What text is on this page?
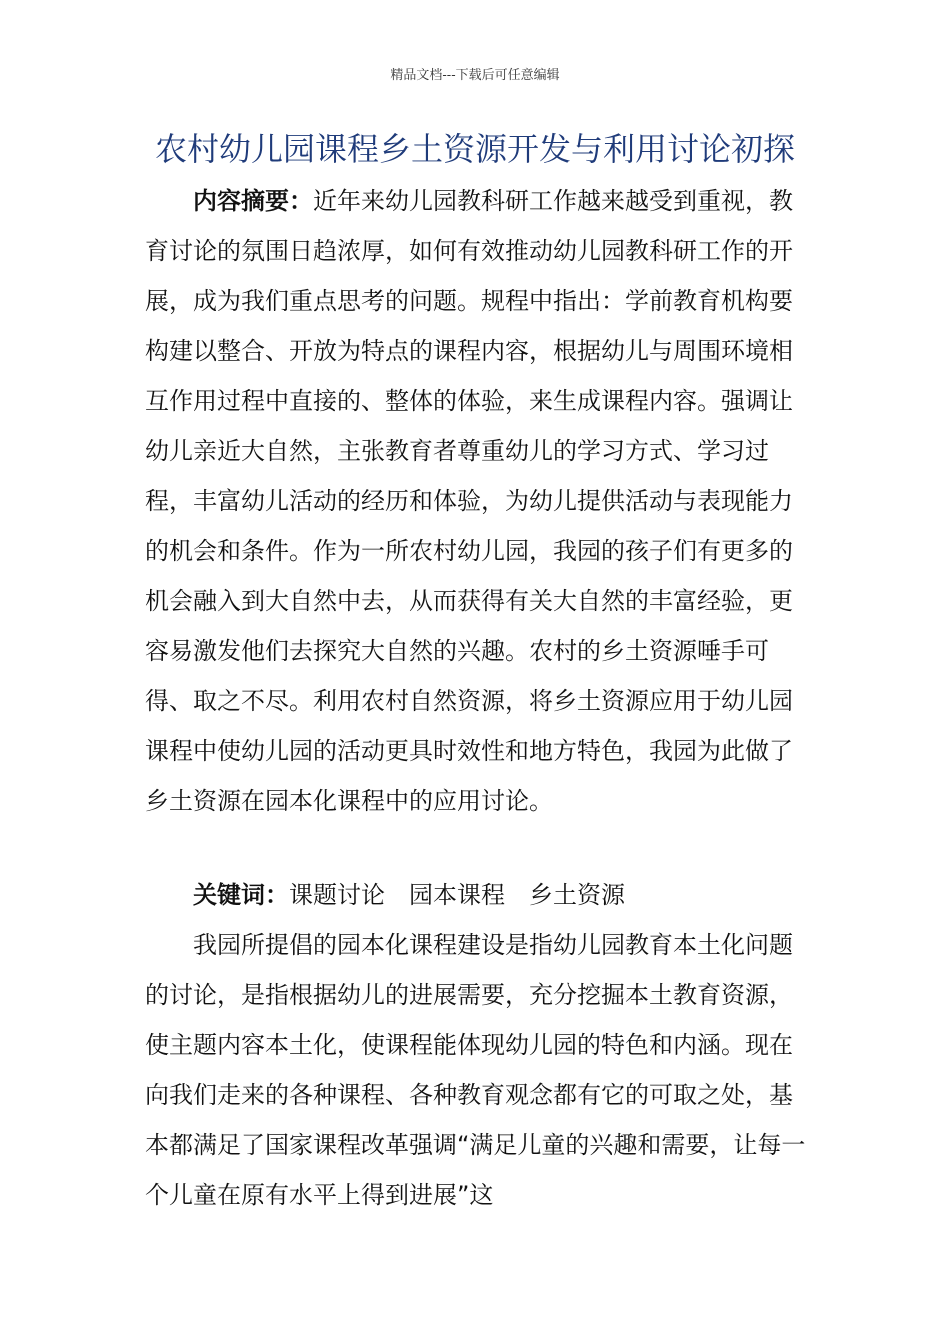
精品文档---下载后可任意编辑
农村幼儿园课程乡土资源开发与利用讨论初探

内容摘要：近年来幼儿园教科研工作越来越受到重视，教育讨论的氛围日趋浓厚，如何有效推动幼儿园教科研工作的开展，成为我们重点思考的问题。规程中指出：学前教育机构要构建以整合、开放为特点的课程内容，根据幼儿与周围环境相互作用过程中直接的、整体的体验，来生成课程内容。强调让幼儿亲近大自然，主张教育者尊重幼儿的学习方式、学习过程，丰富幼儿活动的经历和体验，为幼儿提供活动与表现能力的机会和条件。作为一所农村幼儿园，我园的孩子们有更多的机会融入到大自然中去，从而获得有关大自然的丰富经验，更容易激发他们去探究大自然的兴趣。农村的乡土资源唾手可得、取之不尽。利用农村自然资源，将乡土资源应用于幼儿园课程中使幼儿园的活动更具时效性和地方特色，我园为此做了乡土资源在园本化课程中的应用讨论。

关键词：课题讨论 园本课程 乡土资源

我园所提倡的园本化课程建设是指幼儿园教育本土化问题的讨论，是指根据幼儿的进展需要，充分挖掘本土教育资源，使主题内容本土化，使课程能体现幼儿园的特色和内涵。现在向我们走来的各种课程、各种教育观念都有它的可取之处，基本都满足了国家课程改革强调“满足儿童的兴趣和需要，让每一个儿童在原有水平上得到进展”这
